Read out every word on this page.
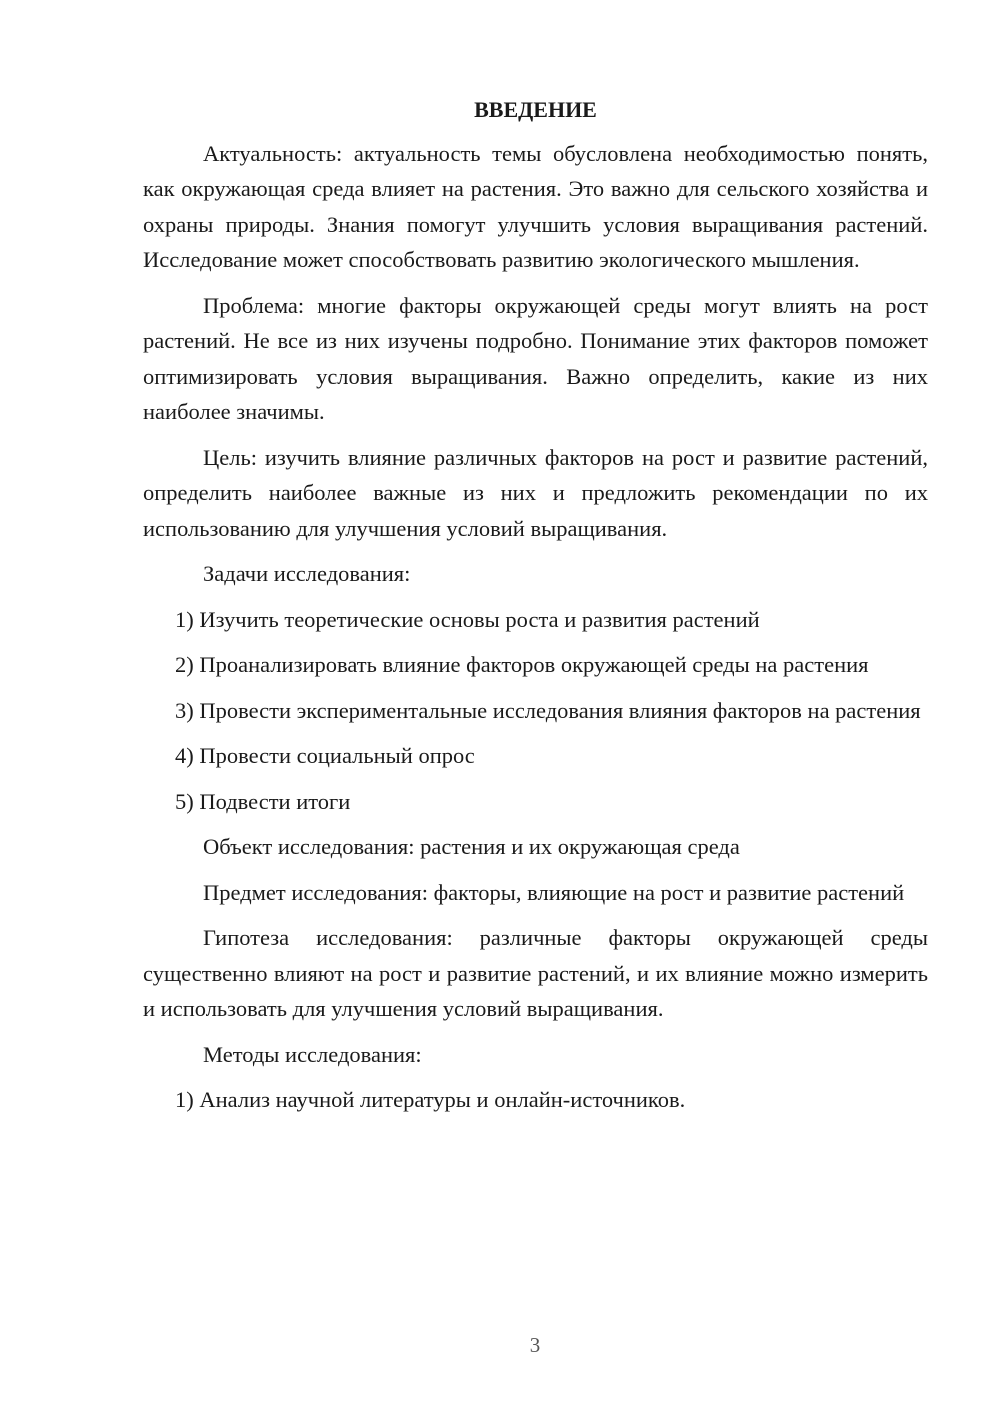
ВВЕДЕНИЕ

Актуальность: актуальность темы обусловлена необходимостью понять, как окружающая среда влияет на растения. Это важно для сельского хозяйства и охраны природы. Знания помогут улучшить условия выращивания растений. Исследование может способствовать развитию экологического мышления.

Проблема: многие факторы окружающей среды могут влиять на рост растений. Не все из них изучены подробно. Понимание этих факторов поможет оптимизировать условия выращивания. Важно определить, какие из них наиболее значимы.

Цель: изучить влияние различных факторов на рост и развитие растений, определить наиболее важные из них и предложить рекомендации по их использованию для улучшения условий выращивания.

Задачи исследования:

1) Изучить теоретические основы роста и развития растений

2) Проанализировать влияние факторов окружающей среды на растения

3) Провести экспериментальные исследования влияния факторов на растения

4) Провести социальный опрос

5) Подвести итоги

Объект исследования: растения и их окружающая среда

Предмет исследования: факторы, влияющие на рост и развитие растений

Гипотеза исследования: различные факторы окружающей среды существенно влияют на рост и развитие растений, и их влияние можно измерить и использовать для улучшения условий выращивания.

Методы исследования:

1) Анализ научной литературы и онлайн-источников.

3
